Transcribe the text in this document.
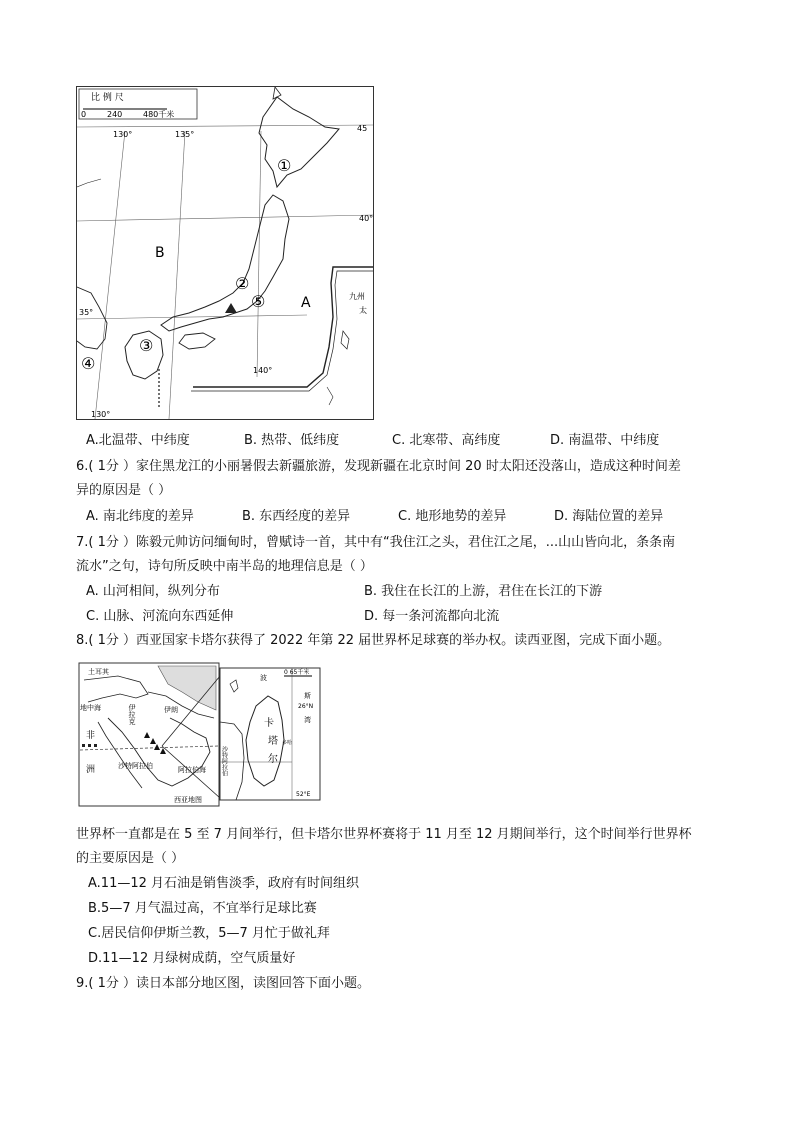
比 例 尺
0	240	480千米
130°	135°
140°
130°
45
40°
35°
①
②
③
④
⑤
B
A	九州
太
A.北温带、中纬度	B. 热带、低纬度	C. 北寒带、高纬度	D. 南温带、中纬度
6.( 1分 ）家住黑龙江的小丽暑假去新疆旅游，发现新疆在北京时间 20 时太阳还没落山，造成这种时间差
异的原因是（ ）
A. 南北纬度的差异	B. 东西经度的差异	C. 地形地势的差异	D. 海陆位置的差异
7.( 1分 ）陈毅元帅访问缅甸时，曾赋诗一首，其中有“我住江之头，君住江之尾，...山山皆向北，条条南
流水”之句，诗句所反映中南半岛的地理信息是（ ）
A. 山河相间，纵列分布	B. 我住在长江的上游，君住在长江的下游
C. 山脉、河流向东西延伸	D. 每一条河流都向北流
8.( 1分 ）西亚国家卡塔尔获得了 2022 年第 22 届世界杯足球赛的举办权。读西亚图，完成下面小题。
土耳其
地中海	伊拉克	伊朗
非
洲	沙特阿拉伯	阿拉伯海
西亚地图
波
斯
湾
卡
塔
尔
沙特阿拉伯
多哈
0 65千米
26°N
52°E
世界杯一直都是在 5 至 7 月间举行，但卡塔尔世界杯赛将于 11 月至 12 月期间举行，这个时间举行世界杯
的主要原因是（ ）
A.11—12 月石油是销售淡季，政府有时间组织
B.5—7 月气温过高，不宜举行足球比赛
C.居民信仰伊斯兰教，5—7 月忙于做礼拜
D.11—12 月绿树成荫，空气质量好
9.( 1分 ）读日本部分地区图，读图回答下面小题。
